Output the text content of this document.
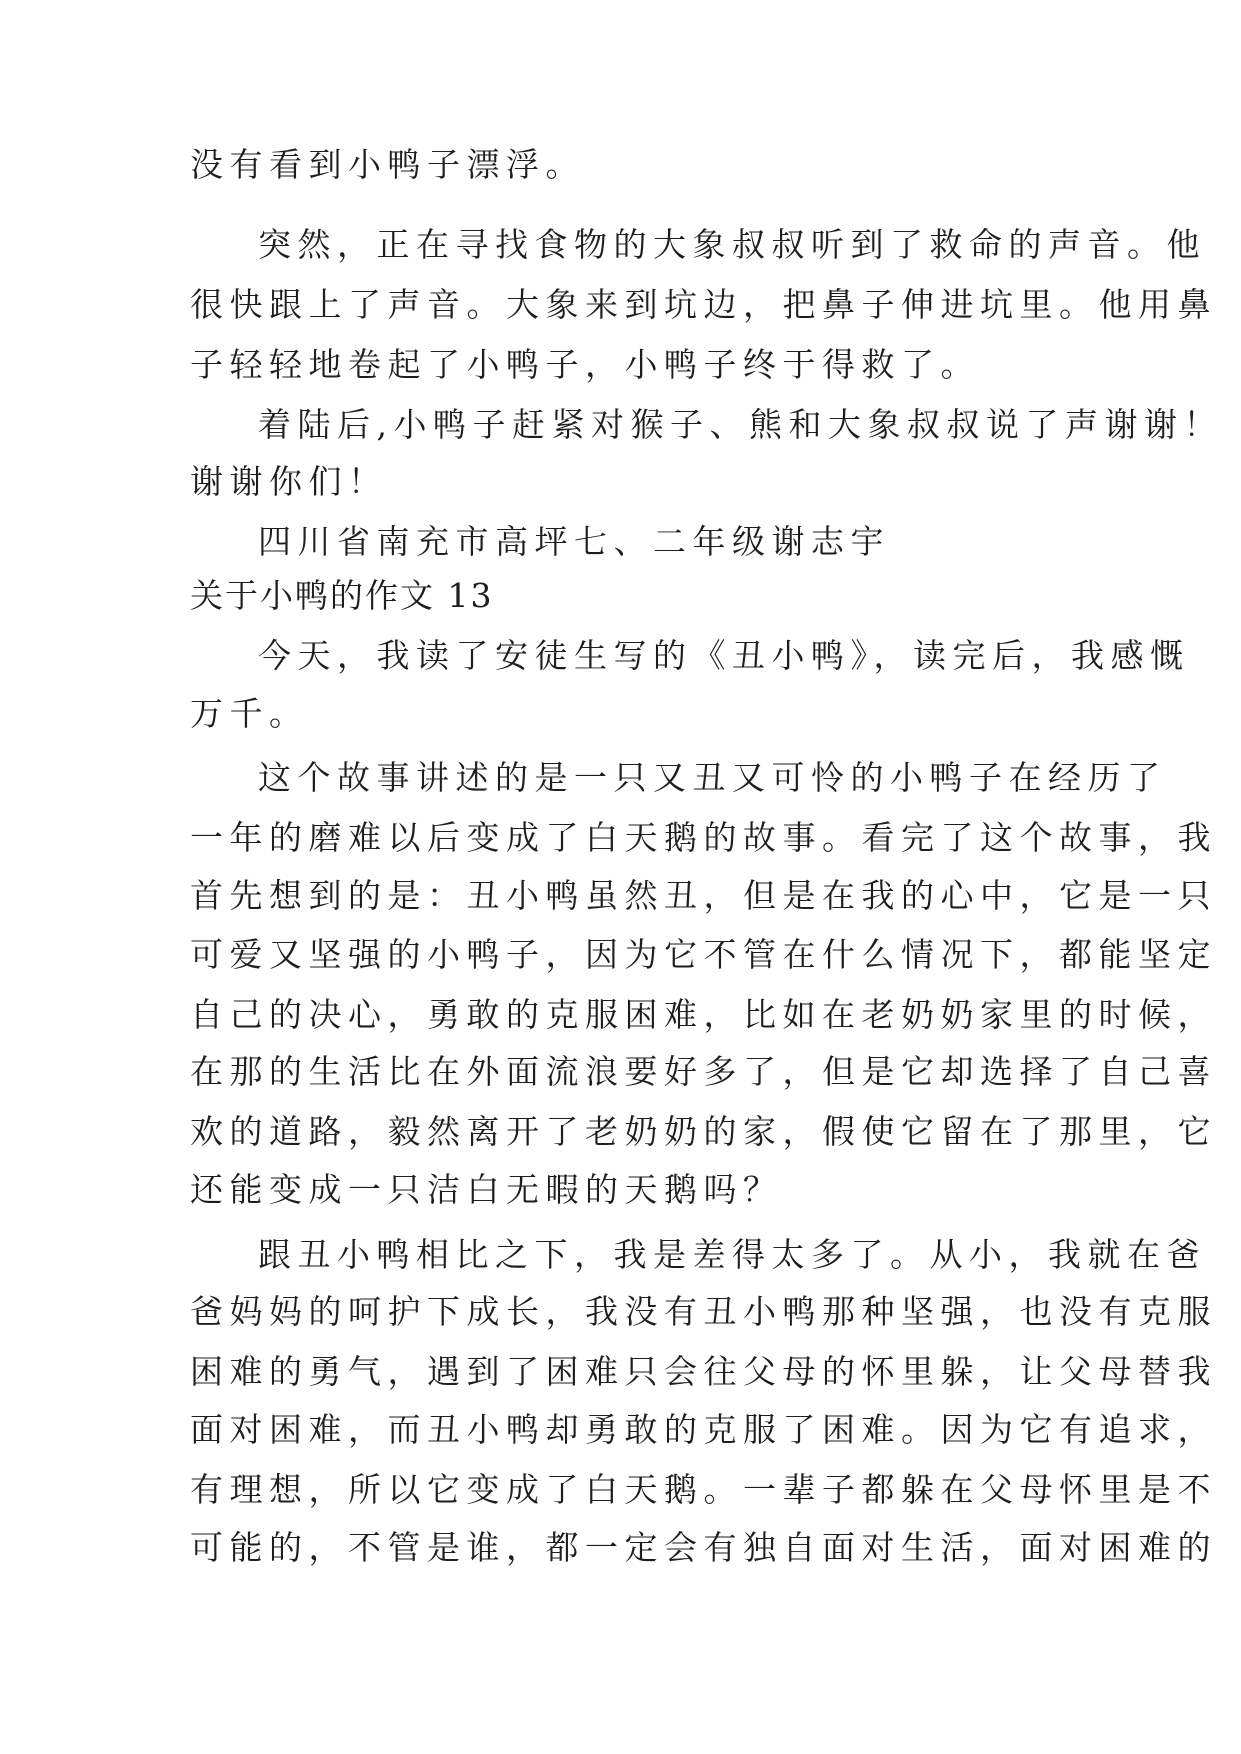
没有看到小鸭子漂浮。

突然，正在寻找食物的大象叔叔听到了救命的声音。他

很快跟上了声音。大象来到坑边，把鼻子伸进坑里。他用鼻

子轻轻地卷起了小鸭子，小鸭子终于得救了。

着陆后,小鸭子赶紧对猴子、熊和大象叔叔说了声谢谢！

谢谢你们！

四川省南充市高坪七、二年级谢志宇

关于小鸭的作文 13

今天，我读了安徒生写的《丑小鸭》，读完后，我感慨

万千。

这个故事讲述的是一只又丑又可怜的小鸭子在经历了

一年的磨难以后变成了白天鹅的故事。看完了这个故事，我

首先想到的是：丑小鸭虽然丑，但是在我的心中，它是一只

可爱又坚强的小鸭子，因为它不管在什么情况下，都能坚定

自己的决心，勇敢的克服困难，比如在老奶奶家里的时候，

在那的生活比在外面流浪要好多了，但是它却选择了自己喜

欢的道路，毅然离开了老奶奶的家，假使它留在了那里，它

还能变成一只洁白无暇的天鹅吗？

跟丑小鸭相比之下，我是差得太多了。从小，我就在爸

爸妈妈的呵护下成长，我没有丑小鸭那种坚强，也没有克服

困难的勇气，遇到了困难只会往父母的怀里躲，让父母替我

面对困难，而丑小鸭却勇敢的克服了困难。因为它有追求，

有理想，所以它变成了白天鹅。一辈子都躲在父母怀里是不

可能的，不管是谁，都一定会有独自面对生活，面对困难的
